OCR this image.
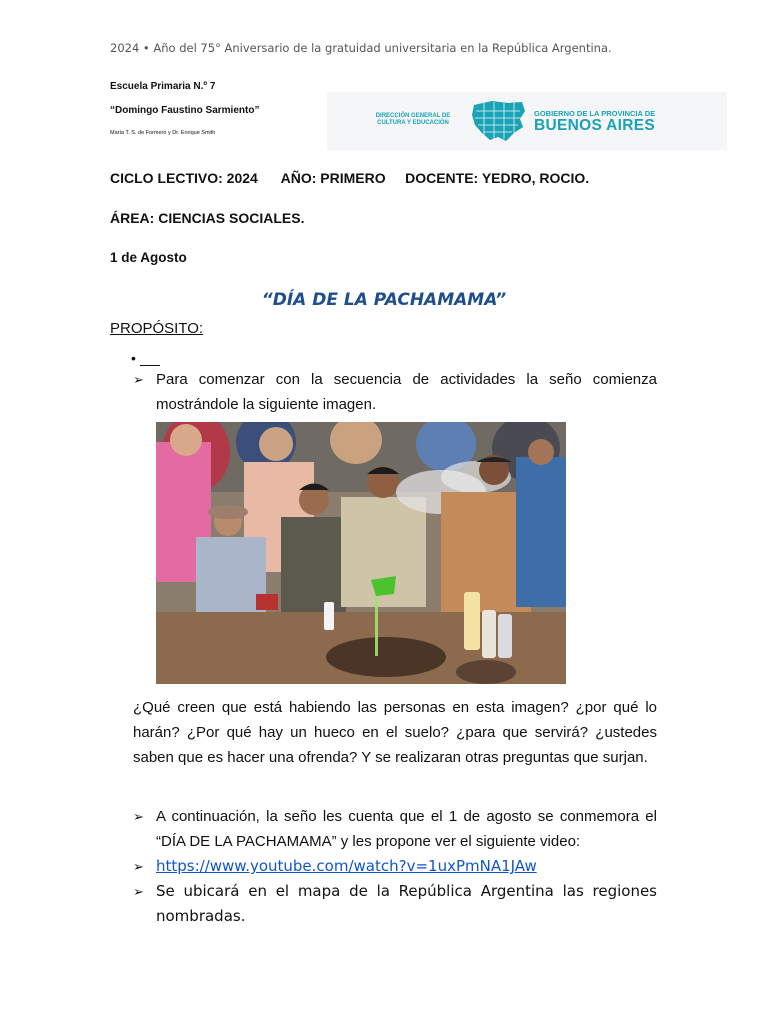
2024 • Año del 75° Aniversario de la gratuidad universitaria en la República Argentina.
Escuela Primaria N.º 7
“Domingo Faustino Sarmiento”
María T. S. de Formero y Dr. Enrique Smith
DIRECCIÓN GENERAL DE
CULTURA Y EDUCACIÓN
GOBIERNO DE LA PROVINCIA DE
BUENOS AIRES
CICLO LECTIVO: 2024 AÑO: PRIMERO DOCENTE: YEDRO, ROCIO.
ÁREA: CIENCIAS SOCIALES.
1 de Agosto
“DÍA DE LA PACHAMAMA”
PROPÓSITO:
•
➢ Para comenzar con la secuencia de actividades la seño comienza mostrándole la siguiente imagen.
¿Qué creen que está habiendo las personas en esta imagen? ¿por qué lo harán? ¿Por qué hay un hueco en el suelo? ¿para que servirá? ¿ustedes saben que es hacer una ofrenda? Y se realizaran otras preguntas que surjan.
➢ A continuación, la seño les cuenta que el 1 de agosto se conmemora el “DÍA DE LA PACHAMAMA” y les propone ver el siguiente video:
➢ https://www.youtube.com/watch?v=1uxPmNA1JAw
➢ Se ubicará en el mapa de la República Argentina las regiones nombradas.
